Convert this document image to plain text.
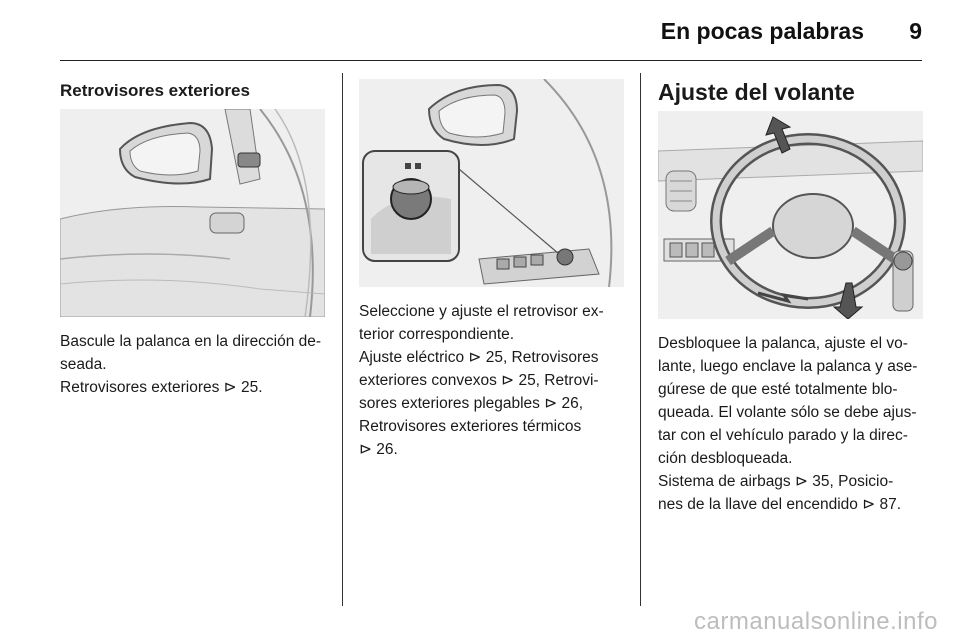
En pocas palabras 9
Retrovisores exteriores

Bascule la palanca en la dirección de-

seada.

Retrovisores exteriores ⊳ 25.

Seleccione y ajuste el retrovisor ex-

terior correspondiente.

Ajuste eléctrico ⊳ 25, Retrovisores

exteriores convexos ⊳ 25, Retrovi-

sores exteriores plegables ⊳ 26,

Retrovisores exteriores térmicos

⊳ 26.

Ajuste del volante

Desbloquee la palanca, ajuste el vo-

lante, luego enclave la palanca y ase-

gúrese de que esté totalmente blo-

queada. El volante sólo se debe ajus-

tar con el vehículo parado y la direc-

ción desbloqueada.

Sistema de airbags ⊳ 35, Posicio-

nes de la llave del encendido ⊳ 87.

carmanualsonline.info
